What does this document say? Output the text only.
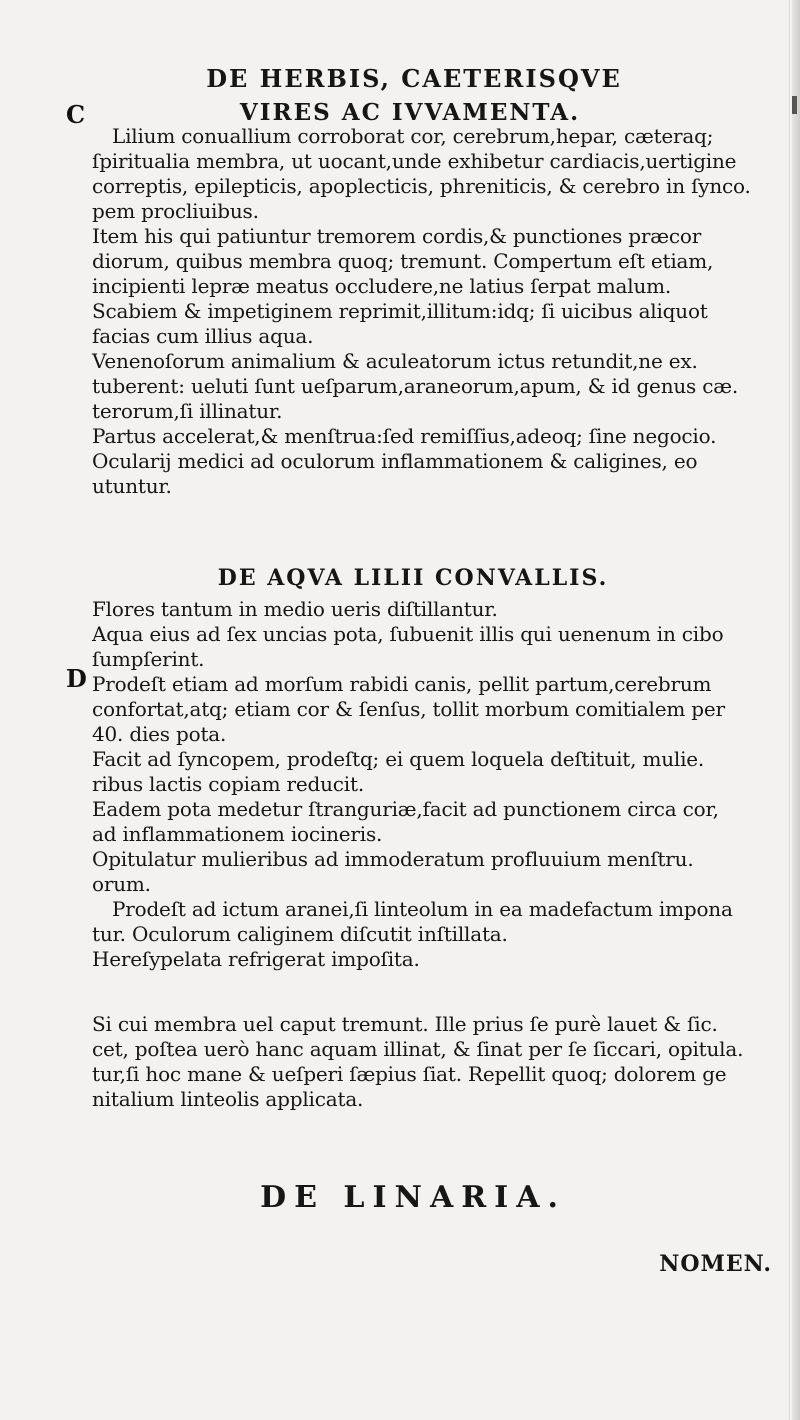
C
D
DE HERBIS, CAETERISQVE
VIRES AC IVVAMENTA.
Lilium conuallium corroborat cor, cerebrum,hepar, cæteraq;
ſpiritualia membra, ut uocant,unde exhibetur cardiacis,uertigine
correptis, epilepticis, apoplecticis, phreniticis, & cerebro in ſynco.
pem procliuibus.
Item his qui patiuntur tremorem cordis,& punctiones præcor
diorum, quibus membra quoq; tremunt. Compertum eſt etiam,
incipienti lepræ meatus occludere,ne latius ſerpat malum.
Scabiem & impetiginem reprimit,illitum:idq; ſi uicibus aliquot
facias cum illius aqua.
Venenoſorum animalium & aculeatorum ictus retundit,ne ex.
tuberent: ueluti ſunt ueſparum,araneorum,apum, & id genus cæ.
terorum,ſi illinatur.
Partus accelerat,& menſtrua:ſed remiſſius,adeoq; ſine negocio.
Ocularij medici ad oculorum inflammationem & caligines, eo
utuntur.
DE AQVA LILII CONVALLIS.
Flores tantum in medio ueris diſtillantur.
Aqua eius ad ſex uncias pota, ſubuenit illis qui uenenum in cibo
ſumpſerint.
Prodeſt etiam ad morſum rabidi canis, pellit partum,cerebrum
confortat,atq; etiam cor & ſenſus, tollit morbum comitialem per
40. dies pota.
Facit ad ſyncopem, prodeſtq; ei quem loquela deſtituit, mulie.
ribus lactis copiam reducit.
Eadem pota medetur ſtranguriæ,facit ad punctionem circa cor,
ad inflammationem iocineris.
Opitulatur mulieribus ad immoderatum profluuium menſtru.
orum.
Prodeſt ad ictum aranei,ſi linteolum in ea madefactum impona
tur. Oculorum caliginem diſcutit inſtillata.
Hereſypelata refrigerat impoſita.
Si cui membra uel caput tremunt. Ille prius ſe purè lauet & ſic.
cet, poſtea uerò hanc aquam illinat, & ſinat per ſe ſiccari, opitula.
tur,ſi hoc mane & ueſperi ſæpius ſiat. Repellit quoq; dolorem ge
nitalium linteolis applicata.
DE LINARIA.
NOMEN.
